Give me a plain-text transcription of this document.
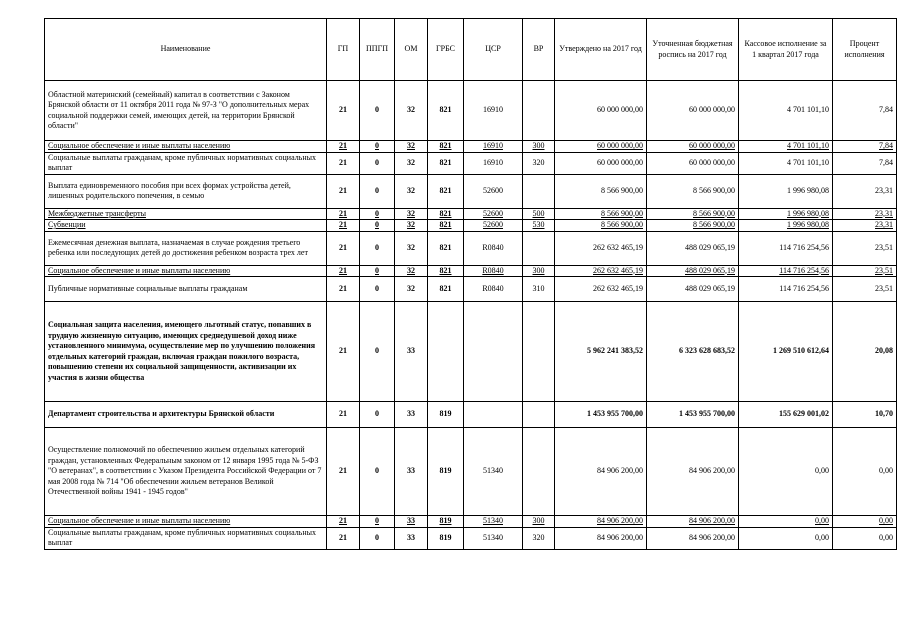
Наименование	ГП	ППГП	ОМ	ГРБС	ЦСР	ВР	Утверждено на 2017 год	Уточненная бюджетная роспись на 2017 год	Кассовое исполнение за 1 квартал 2017 года	Процент исполнения
Областной материнский (семейный) капитал в соответствии с Законом Брянской области от 11 октября 2011 года № 97-З "О дополнительных мерах социальной поддержки семей, имеющих детей, на территории Брянской области"	21	0	32	821	16910		60 000 000,00	60 000 000,00	4 701 101,10	7,84
Социальное обеспечение и иные выплаты населению	21	0	32	821	16910	300	60 000 000,00	60 000 000,00	4 701 101,10	7,84
Социальные выплаты гражданам, кроме публичных нормативных социальных выплат	21	0	32	821	16910	320	60 000 000,00	60 000 000,00	4 701 101,10	7,84
Выплата единовременного пособия при всех формах устройства детей, лишенных родительского попечения, в семью	21	0	32	821	52600		8 566 900,00	8 566 900,00	1 996 980,08	23,31
Межбюджетные трансферты	21	0	32	821	52600	500	8 566 900,00	8 566 900,00	1 996 980,08	23,31
Субвенции	21	0	32	821	52600	530	8 566 900,00	8 566 900,00	1 996 980,08	23,31
Ежемесячная денежная выплата, назначаемая в случае рождения третьего ребенка или последующих детей до достижения ребенком возраста трех лет	21	0	32	821	R0840		262 632 465,19	488 029 065,19	114 716 254,56	23,51
Социальное обеспечение и иные выплаты населению	21	0	32	821	R0840	300	262 632 465,19	488 029 065,19	114 716 254,56	23,51
Публичные нормативные социальные выплаты гражданам	21	0	32	821	R0840	310	262 632 465,19	488 029 065,19	114 716 254,56	23,51
Социальная защита населения, имеющего льготный статус, попавших в трудную жизненную ситуацию, имеющих среднедушевой доход ниже установленного минимума, осуществление мер по улучшению положения отдельных категорий граждан, включая граждан пожилого возраста, повышению степени их социальной защищенности, активизации их участия в жизни общества	21	0	33				5 962 241 383,52	6 323 628 683,52	1 269 510 612,64	20,08
Департамент строительства и архитектуры Брянской области	21	0	33	819			1 453 955 700,00	1 453 955 700,00	155 629 001,02	10,70
Осуществление полномочий по обеспечению жильем отдельных категорий граждан, установленных Федеральным законом от 12 января 1995 года № 5-ФЗ "О ветеранах", в соответствии с Указом Президента Российской Федерации от 7 мая 2008 года № 714 "Об обеспечении жильем ветеранов Великой Отечественной войны 1941 - 1945 годов"	21	0	33	819	51340		84 906 200,00	84 906 200,00	0,00	0,00
Социальное обеспечение и иные выплаты населению	21	0	33	819	51340	300	84 906 200,00	84 906 200,00	0,00	0,00
Социальные выплаты гражданам, кроме публичных нормативных социальных выплат	21	0	33	819	51340	320	84 906 200,00	84 906 200,00	0,00	0,00
